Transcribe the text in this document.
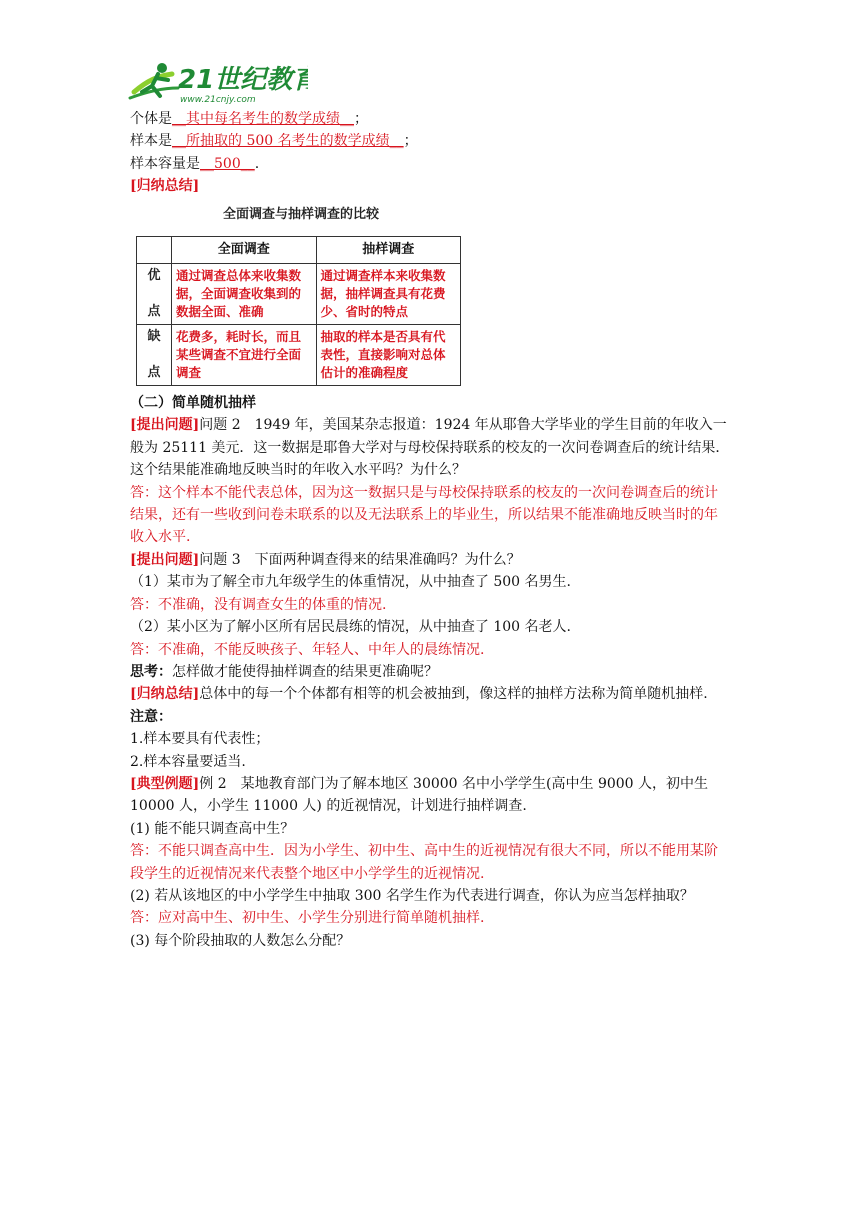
21世纪教育
www.21cnjy.com
个体是__其中每名考生的数学成绩__；
样本是__所抽取的 500 名考生的数学成绩__；
样本容量是__500__.
[归纳总结]
全面调查与抽样调查的比较
	全面调查	抽样调查
优

点	通过调查总体来收集数据，全面调查收集到的数据全面、准确	通过调查样本来收集数据，抽样调查具有花费少、省时的特点
缺

点	花费多，耗时长，而且某些调查不宜进行全面调查	抽取的样本是否具有代表性，直接影响对总体估计的准确程度
（二）简单随机抽样
[提出问题]问题 2　1949 年，美国某杂志报道：1924 年从耶鲁大学毕业的学生目前的年收入一般为 25111 美元．这一数据是耶鲁大学对与母校保持联系的校友的一次问卷调查后的统计结果．
这个结果能准确地反映当时的年收入水平吗？为什么？
答：这个样本不能代表总体，因为这一数据只是与母校保持联系的校友的一次问卷调查后的统计结果，还有一些收到问卷未联系的以及无法联系上的毕业生，所以结果不能准确地反映当时的年收入水平.
[提出问题]问题 3　下面两种调查得来的结果准确吗？为什么？
（1）某市为了解全市九年级学生的体重情况，从中抽查了 500 名男生.
答：不准确，没有调查女生的体重的情况.
（2）某小区为了解小区所有居民晨练的情况，从中抽查了 100 名老人.
答：不准确，不能反映孩子、年轻人、中年人的晨练情况.
思考：怎样做才能使得抽样调查的结果更准确呢？
[归纳总结]总体中的每一个个体都有相等的机会被抽到，像这样的抽样方法称为简单随机抽样.
注意：
1.样本要具有代表性；
2.样本容量要适当.
[典型例题]例 2　某地教育部门为了解本地区 30000 名中小学学生(高中生 9000 人，初中生 10000 人，小学生 11000 人) 的近视情况，计划进行抽样调查.
(1) 能不能只调查高中生？
答：不能只调查高中生．因为小学生、初中生、高中生的近视情况有很大不同，所以不能用某阶段学生的近视情况来代表整个地区中小学学生的近视情况.
(2) 若从该地区的中小学学生中抽取 300 名学生作为代表进行调查，你认为应当怎样抽取？
答：应对高中生、初中生、小学生分别进行简单随机抽样.
(3) 每个阶段抽取的人数怎么分配？
